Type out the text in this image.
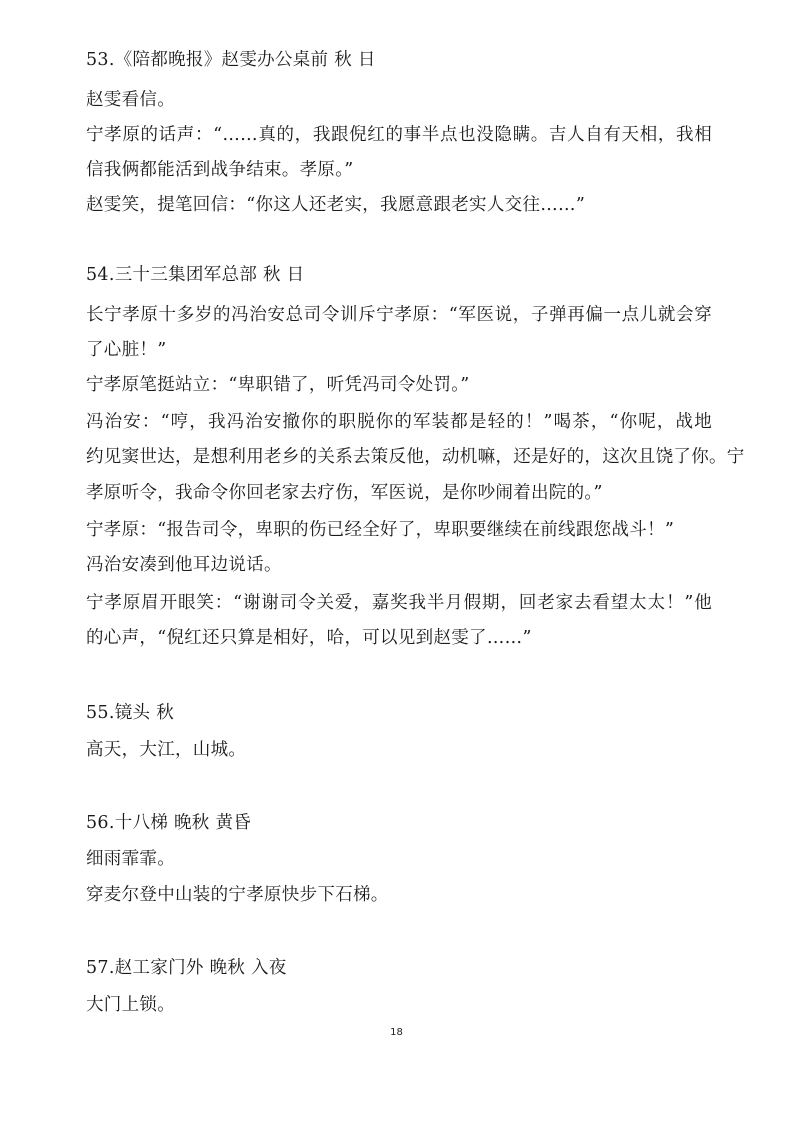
53.《陪都晚报》赵雯办公桌前 秋 日
赵雯看信。
宁孝原的话声：“……真的，我跟倪红的事半点也没隐瞒。吉人自有天相，我相
信我俩都能活到战争结束。孝原。”
赵雯笑，提笔回信：“你这人还老实，我愿意跟老实人交往……”
54.三十三集团军总部 秋 日
长宁孝原十多岁的冯治安总司令训斥宁孝原：“军医说，子弹再偏一点儿就会穿
了心脏！”
宁孝原笔挺站立：“卑职错了，听凭冯司令处罚。”
冯治安：“哼，我冯治安撤你的职脱你的军装都是轻的！”喝茶，“你呢，战地
约见窦世达，是想利用老乡的关系去策反他，动机嘛，还是好的，这次且饶了你。宁
孝原听令，我命令你回老家去疗伤，军医说，是你吵闹着出院的。”
宁孝原：“报告司令，卑职的伤已经全好了，卑职要继续在前线跟您战斗！”
冯治安凑到他耳边说话。
宁孝原眉开眼笑：“谢谢司令关爱，嘉奖我半月假期，回老家去看望太太！”他
的心声，“倪红还只算是相好，哈，可以见到赵雯了……”
55.镜头 秋
高天，大江，山城。
56.十八梯 晚秋 黄昏
细雨霏霏。
穿麦尔登中山装的宁孝原快步下石梯。
57.赵工家门外 晚秋 入夜
大门上锁。
18
